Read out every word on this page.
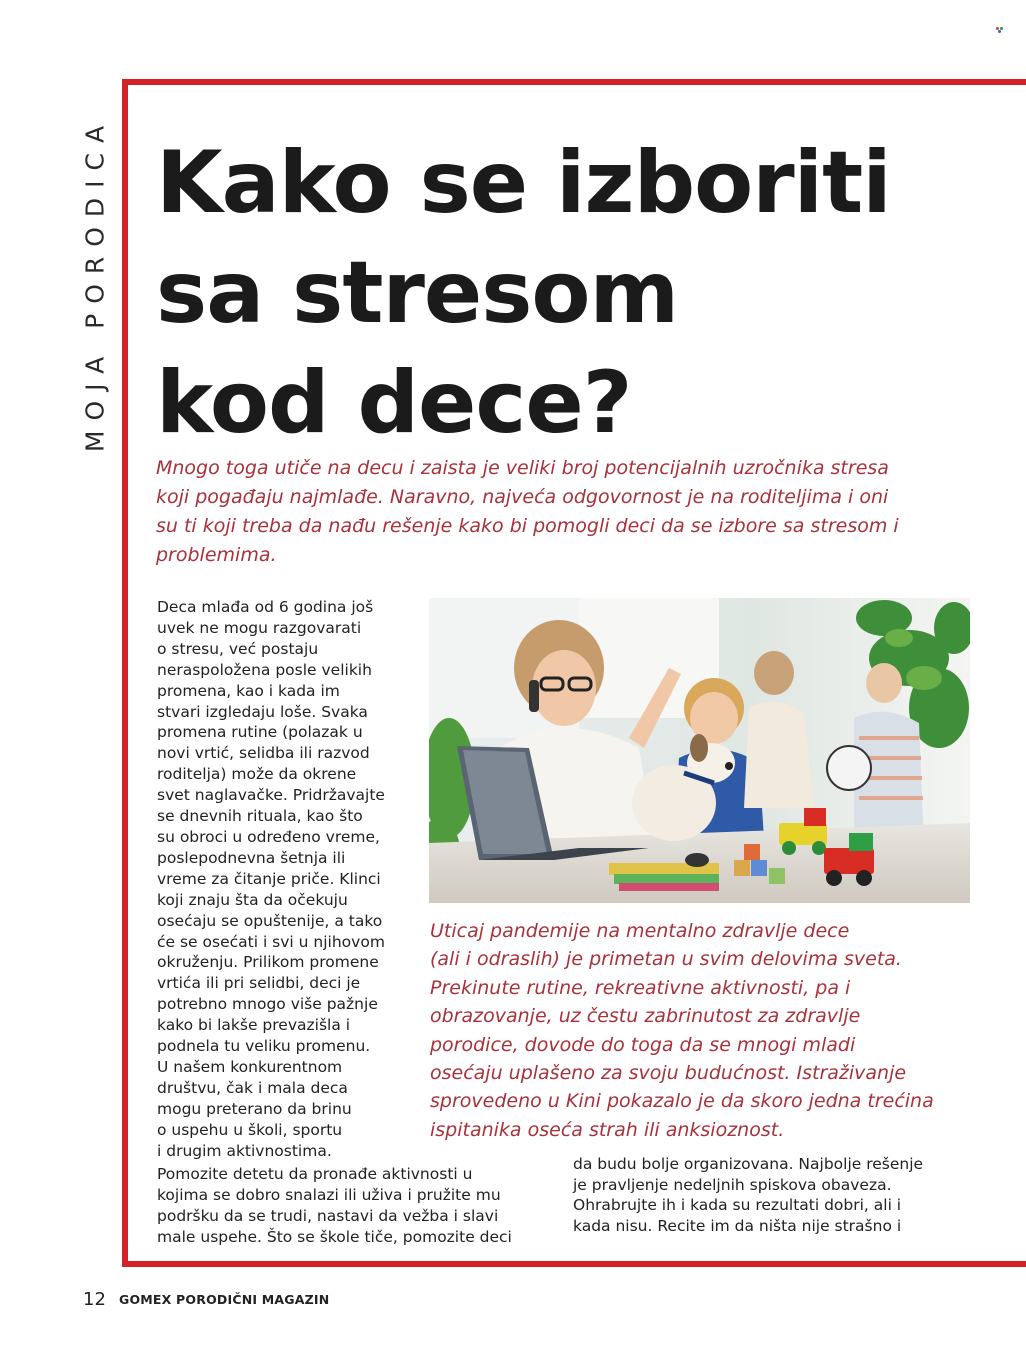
MOJA PORODICA Kako se izboriti
sa stresom
kod dece?

Mnogo toga utiče na decu i zaista je veliki broj potencijalnih uzročnika stresa
koji pogađaju najmlađe. Naravno, najveća odgovornost je na roditeljima i oni
su ti koji treba da nađu rešenje kako bi pomogli deci da se izbore sa stresom i
problemima.

Deca mlađa od 6 godina još
uvek ne mogu razgovarati
o stresu, već postaju
neraspoložena posle velikih
promena, kao i kada im
stvari izgledaju loše. Svaka
promena rutine (polazak u
novi vrtić, selidba ili razvod
roditelja) može da okrene
svet naglavačke. Pridržavajte
se dnevnih rituala, kao što
su obroci u određeno vreme,
poslepodnevna šetnja ili
vreme za čitanje priče. Klinci
koji znaju šta da očekuju
osećaju se opuštenije, a tako
će se osećati i svi u njihovom
okruženju. Prilikom promene
vrtića ili pri selidbi, deci je
potrebno mnogo više pažnje
kako bi lakše prevazišla i
podnela tu veliku promenu.
U našem konkurentnom
društvu, čak i mala deca
mogu preterano da brinu
o uspehu u školi, sportu
i drugim aktivnostima.

Uticaj pandemije na mentalno zdravlje dece
(ali i odraslih) je primetan u svim delovima sveta.
Prekinute rutine, rekreativne aktivnosti, pa i
obrazovanje, uz čestu zabrinutost za zdravlje
porodice, dovode do toga da se mnogi mladi
osećaju uplašeno za svoju budućnost. Istraživanje
sprovedeno u Kini pokazalo je da skoro jedna trećina
ispitanika oseća strah ili anksioznost.

Pomozite detetu da pronađe aktivnosti u
kojima se dobro snalazi ili uživa i pružite mu
podršku da se trudi, nastavi da vežba i slavi
male uspehe. Što se škole tiče, pomozite deci

da budu bolje organizovana. Najbolje rešenje
je pravljenje nedeljnih spiskova obaveza.
Ohrabrujte ih i kada su rezultati dobri, ali i
kada nisu. Recite im da ništa nije strašno i

12 GOMEX PORODIČNI MAGAZIN
